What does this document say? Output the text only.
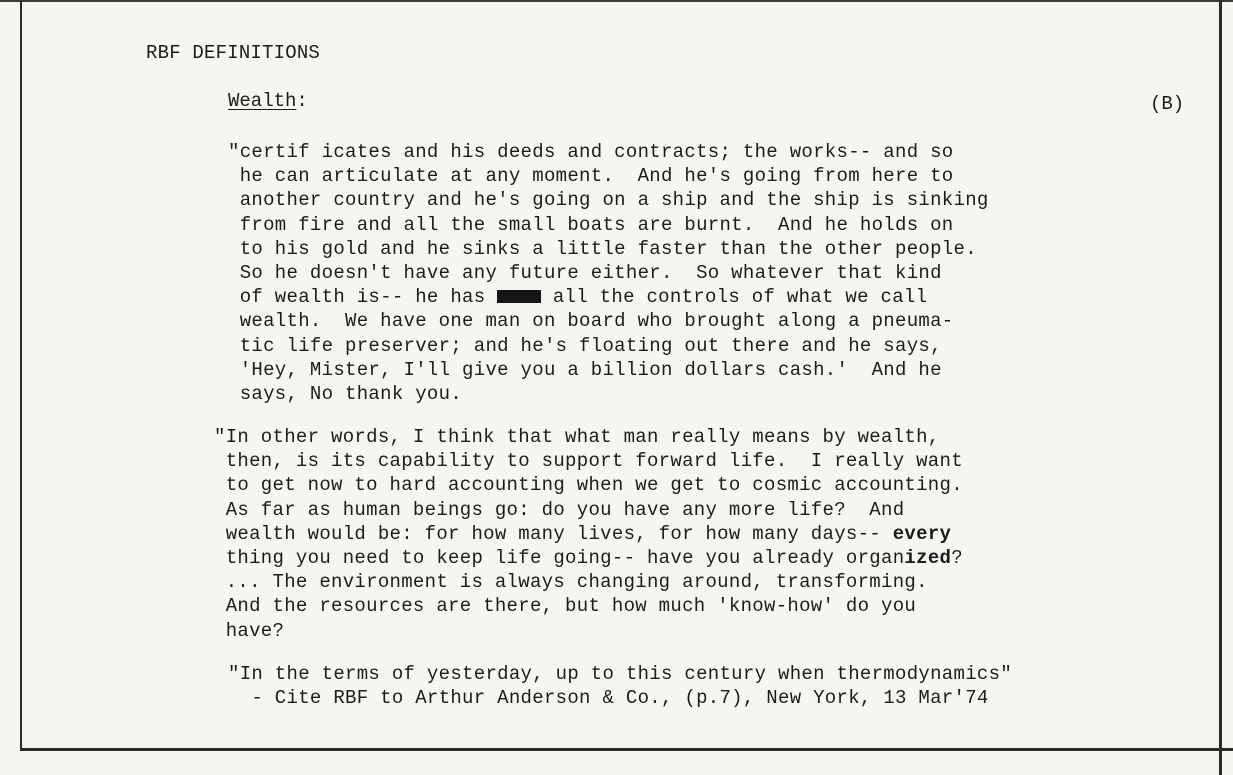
RBF DEFINITIONS
Wealth:	(B)
"certif icates and his deeds and contracts; the works-- and so
he can articulate at any moment.  And he's going from here to
another country and he's going on a ship and the ship is sinking
from fire and all the small boats are burnt.  And he holds on
to his gold and he sinks a little faster than the other people.
So he doesn't have any future either.  So whatever that kind
of wealth is-- he has	all the controls of what we call
wealth.  We have one man on board who brought along a pneuma-
tic life preserver; and he's floating out there and he says,
'Hey, Mister, I'll give you a billion dollars cash.'  And he
says, No thank you.
"In other words, I think that what man really means by wealth,
then, is its capability to support forward life.  I really want
to get now to hard accounting when we get to cosmic accounting.
As far as human beings go: do you have any more life?  And
wealth would be: for how many lives, for how many days-- every
thing you need to keep life going-- have you already organized?
... The environment is always changing around, transforming.
And the resources are there, but how much 'know-how' do you
have?
"In the terms of yesterday, up to this century when thermodynamics"
- Cite RBF to Arthur Anderson & Co., (p.7), New York, 13 Mar'74
